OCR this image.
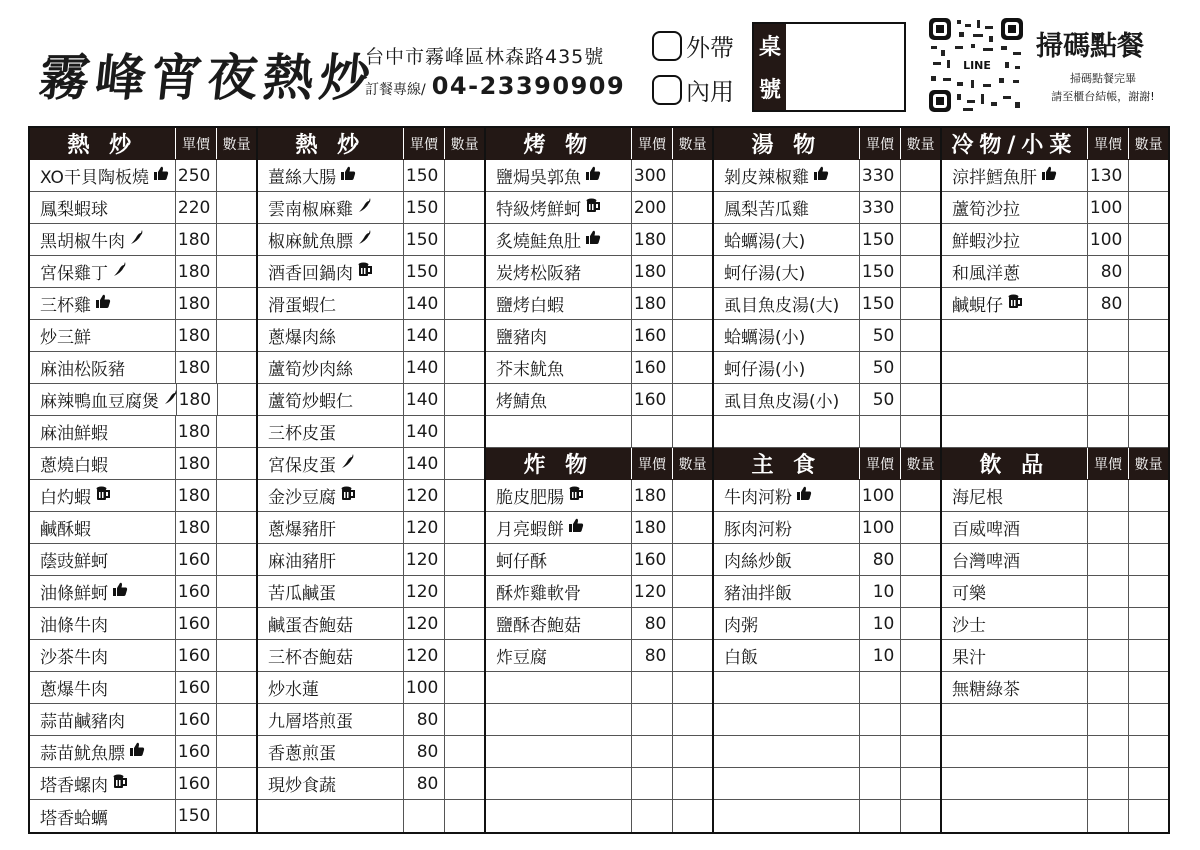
霧峰宵夜熱炒
台中市霧峰區林森路435號
訂餐專線/ 04-23390909
外帶
內用
桌
號
LINE
掃碼點餐
掃碼點餐完畢
請至櫃台結帳，謝謝!
熱 炒	單價 數量
XO干貝陶板燒 250
鳳梨蝦球	220
黑胡椒牛肉	180
宮保雞丁	180
三杯雞	180
炒三鮮	180
麻油松阪豬	180
麻辣鴨血豆腐煲 180
麻油鮮蝦	180
蔥燒白蝦	180
白灼蝦	180
鹹酥蝦	180
蔭豉鮮蚵	160
油條鮮蚵	160
油條牛肉	160
沙茶牛肉	160
蔥爆牛肉	160
蒜苗鹹豬肉	160
蒜苗魷魚膘	160
塔香螺肉	160
塔香蛤蠣	150
熱 炒	單價 數量
薑絲大腸	150
雲南椒麻雞	150
椒麻魷魚膘	150
酒香回鍋肉	150
滑蛋蝦仁	140
蔥爆肉絲	140
蘆筍炒肉絲	140
蘆筍炒蝦仁	140
三杯皮蛋	140
宮保皮蛋	140
金沙豆腐	120
蔥爆豬肝	120
麻油豬肝	120
苦瓜鹹蛋	120
鹹蛋杏鮑菇	120
三杯杏鮑菇	120
炒水蓮	100
九層塔煎蛋	80
香蔥煎蛋	80
現炒食蔬	80
烤 物	單價 數量
鹽焗吳郭魚	300
特級烤鮮蚵	200
炙燒鮭魚肚	180
炭烤松阪豬	180
鹽烤白蝦	180
鹽豬肉	160
芥末魷魚	160
烤鯖魚	160
炸 物	單價 數量
脆皮肥腸	180
月亮蝦餅	180
蚵仔酥	160
酥炸雞軟骨	120
鹽酥杏鮑菇	80
炸豆腐	80
湯 物	單價 數量
剝皮辣椒雞	330
鳳梨苦瓜雞	330
蛤蠣湯(大)	150
蚵仔湯(大)	150
虱目魚皮湯(大) 150
蛤蠣湯(小)	50
蚵仔湯(小)	50
虱目魚皮湯(小)	50
主 食	單價 數量
牛肉河粉	100
豚肉河粉	100
肉絲炒飯	80
豬油拌飯	10
肉粥	10
白飯	10
冷物/小菜	單價 數量
涼拌鱈魚肝	130
蘆筍沙拉	100
鮮蝦沙拉	100
和風洋蔥	80
鹹蜆仔	80
飲 品	單價 數量
海尼根
百威啤酒
台灣啤酒
可樂
沙士
果汁
無糖綠茶
